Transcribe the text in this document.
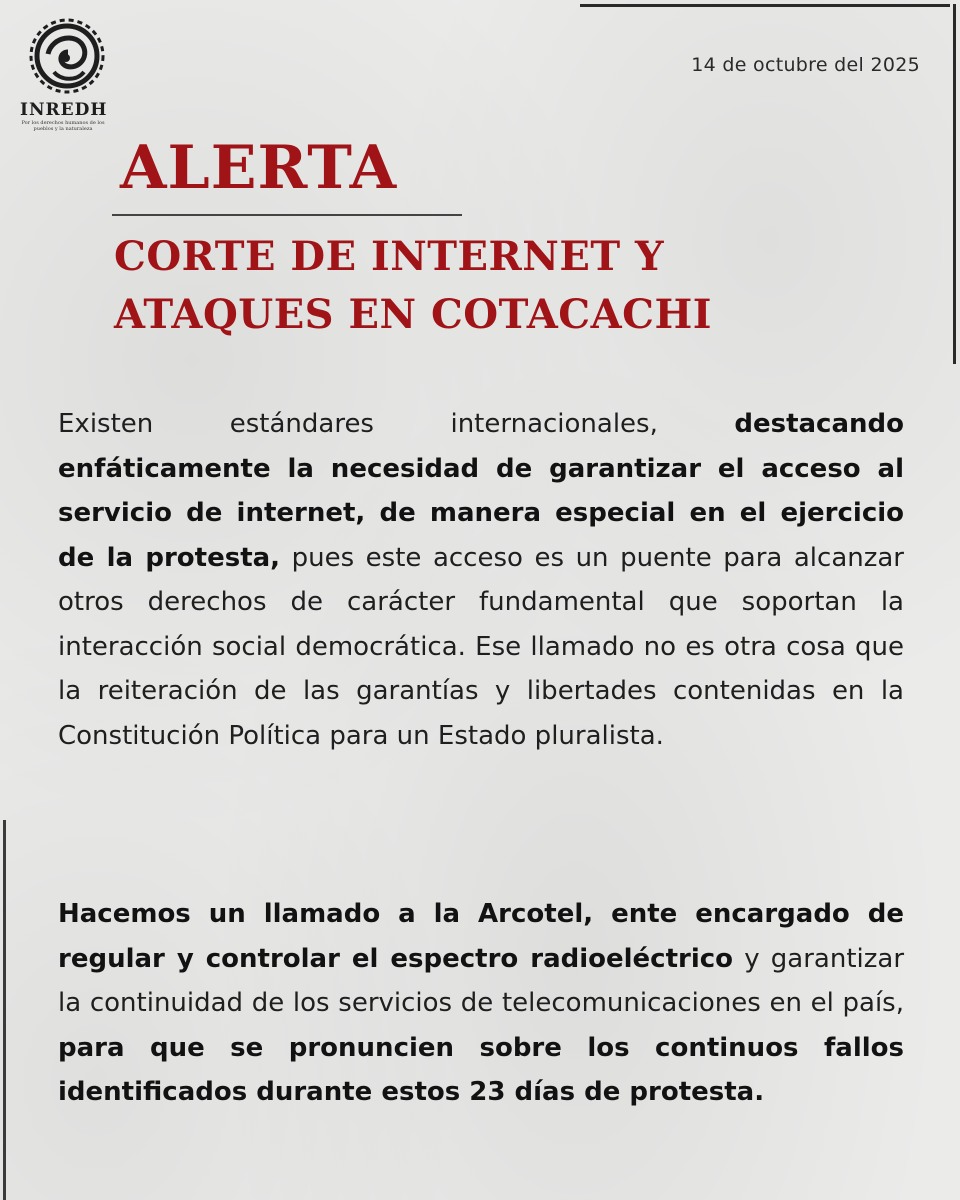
INREDH
Por los derechos humanos de los pueblos y la naturaleza
14 de octubre del 2025
ALERTA
CORTE DE INTERNET Y
ATAQUES EN COTACACHI
Existen estándares internacionales, destacando enfáticamente la necesidad de garantizar el acceso al servicio de internet, de manera especial en el ejercicio de la protesta, pues este acceso es un puente para alcanzar otros derechos de carácter fundamental que soportan la interacción social democrática. Ese llamado no es otra cosa que la reiteración de las garantías y libertades contenidas en la Constitución Política para un Estado pluralista.
Hacemos un llamado a la Arcotel, ente encargado de regular y controlar el espectro radioeléctrico y garantizar la continuidad de los servicios de telecomunicaciones en el país, para que se pronuncien sobre los continuos fallos identificados durante estos 23 días de protesta.
